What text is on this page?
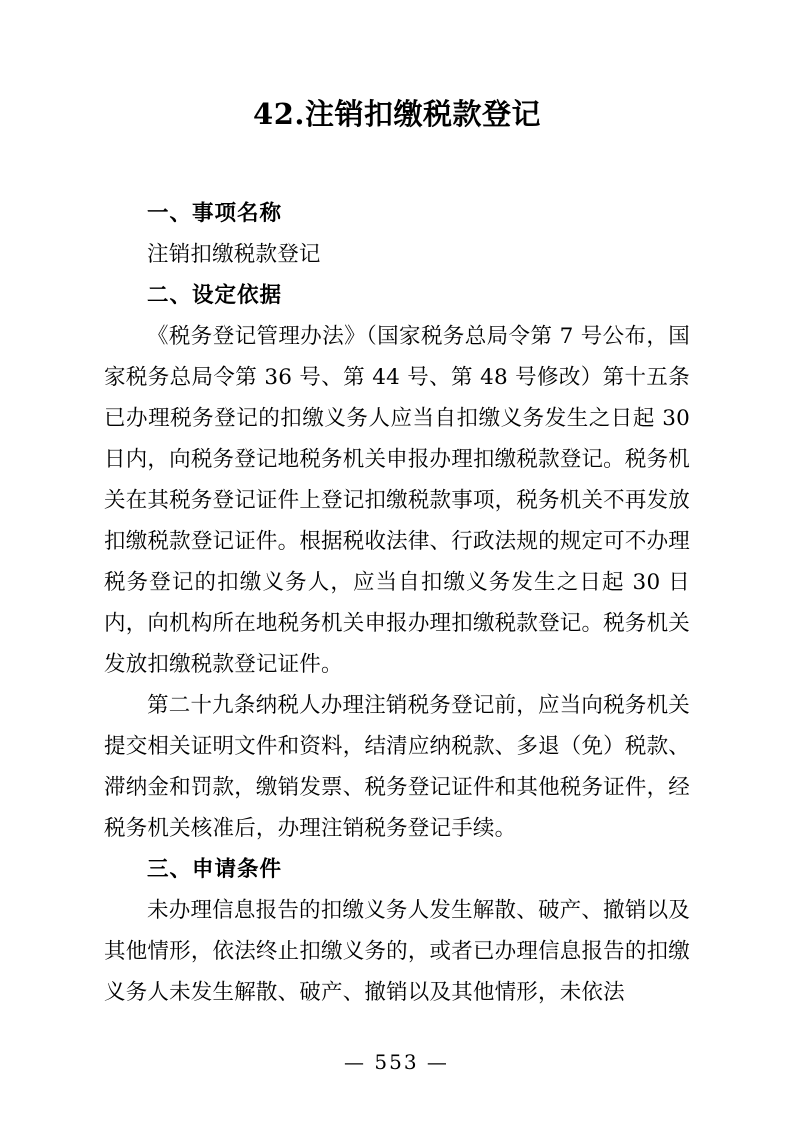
42.注销扣缴税款登记

一、事项名称

注销扣缴税款登记

二、设定依据

《税务登记管理办法》（国家税务总局令第 7 号公布，国家税务总局令第 36 号、第 44 号、第 48 号修改）第十五条已办理税务登记的扣缴义务人应当自扣缴义务发生之日起 30 日内，向税务登记地税务机关申报办理扣缴税款登记。税务机关在其税务登记证件上登记扣缴税款事项，税务机关不再发放扣缴税款登记证件。根据税收法律、行政法规的规定可不办理税务登记的扣缴义务人，应当自扣缴义务发生之日起 30 日内，向机构所在地税务机关申报办理扣缴税款登记。税务机关发放扣缴税款登记证件。

第二十九条纳税人办理注销税务登记前，应当向税务机关提交相关证明文件和资料，结清应纳税款、多退（免）税款、滞纳金和罚款，缴销发票、税务登记证件和其他税务证件，经税务机关核准后，办理注销税务登记手续。

三、申请条件

未办理信息报告的扣缴义务人发生解散、破产、撤销以及其他情形，依法终止扣缴义务的，或者已办理信息报告的扣缴义务人未发生解散、破产、撤销以及其他情形，未依法

— 553 —
